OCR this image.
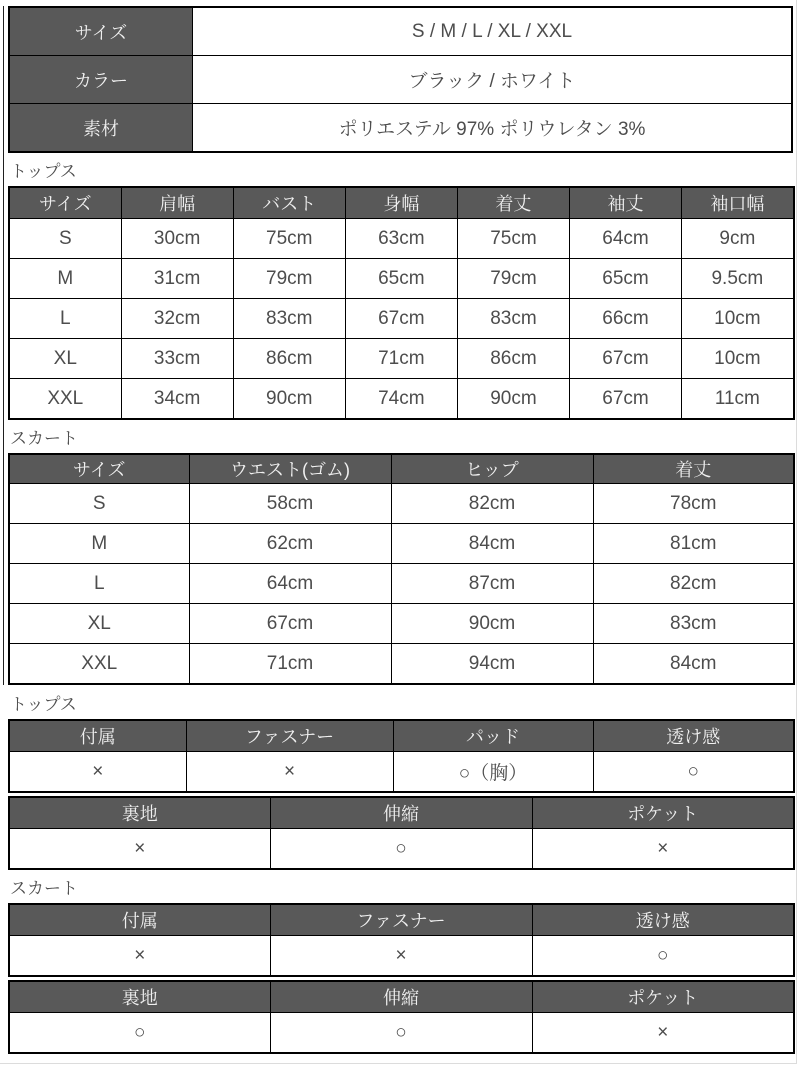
サイズ	S / M / L / XL / XXL
カラー	ブラック / ホワイト
素材	ポリエステル 97% ポリウレタン 3%
トップス
サイズ	肩幅	バスト	身幅	着丈	袖丈	袖口幅
S	30cm	75cm	63cm	75cm	64cm	9cm
M	31cm	79cm	65cm	79cm	65cm	9.5cm
L	32cm	83cm	67cm	83cm	66cm	10cm
XL	33cm	86cm	71cm	86cm	67cm	10cm
XXL	34cm	90cm	74cm	90cm	67cm	11cm
スカート
サイズ	ウエスト(ゴム)	ヒップ	着丈
S	58cm	82cm	78cm
M	62cm	84cm	81cm
L	64cm	87cm	82cm
XL	67cm	90cm	83cm
XXL	71cm	94cm	84cm
トップス
付属	ファスナー	パッド	透け感
×	×	○（胸）	○
裏地	伸縮	ポケット
×	○	×
スカート
付属	ファスナー	透け感
×	×	○
裏地	伸縮	ポケット
○	○	×
